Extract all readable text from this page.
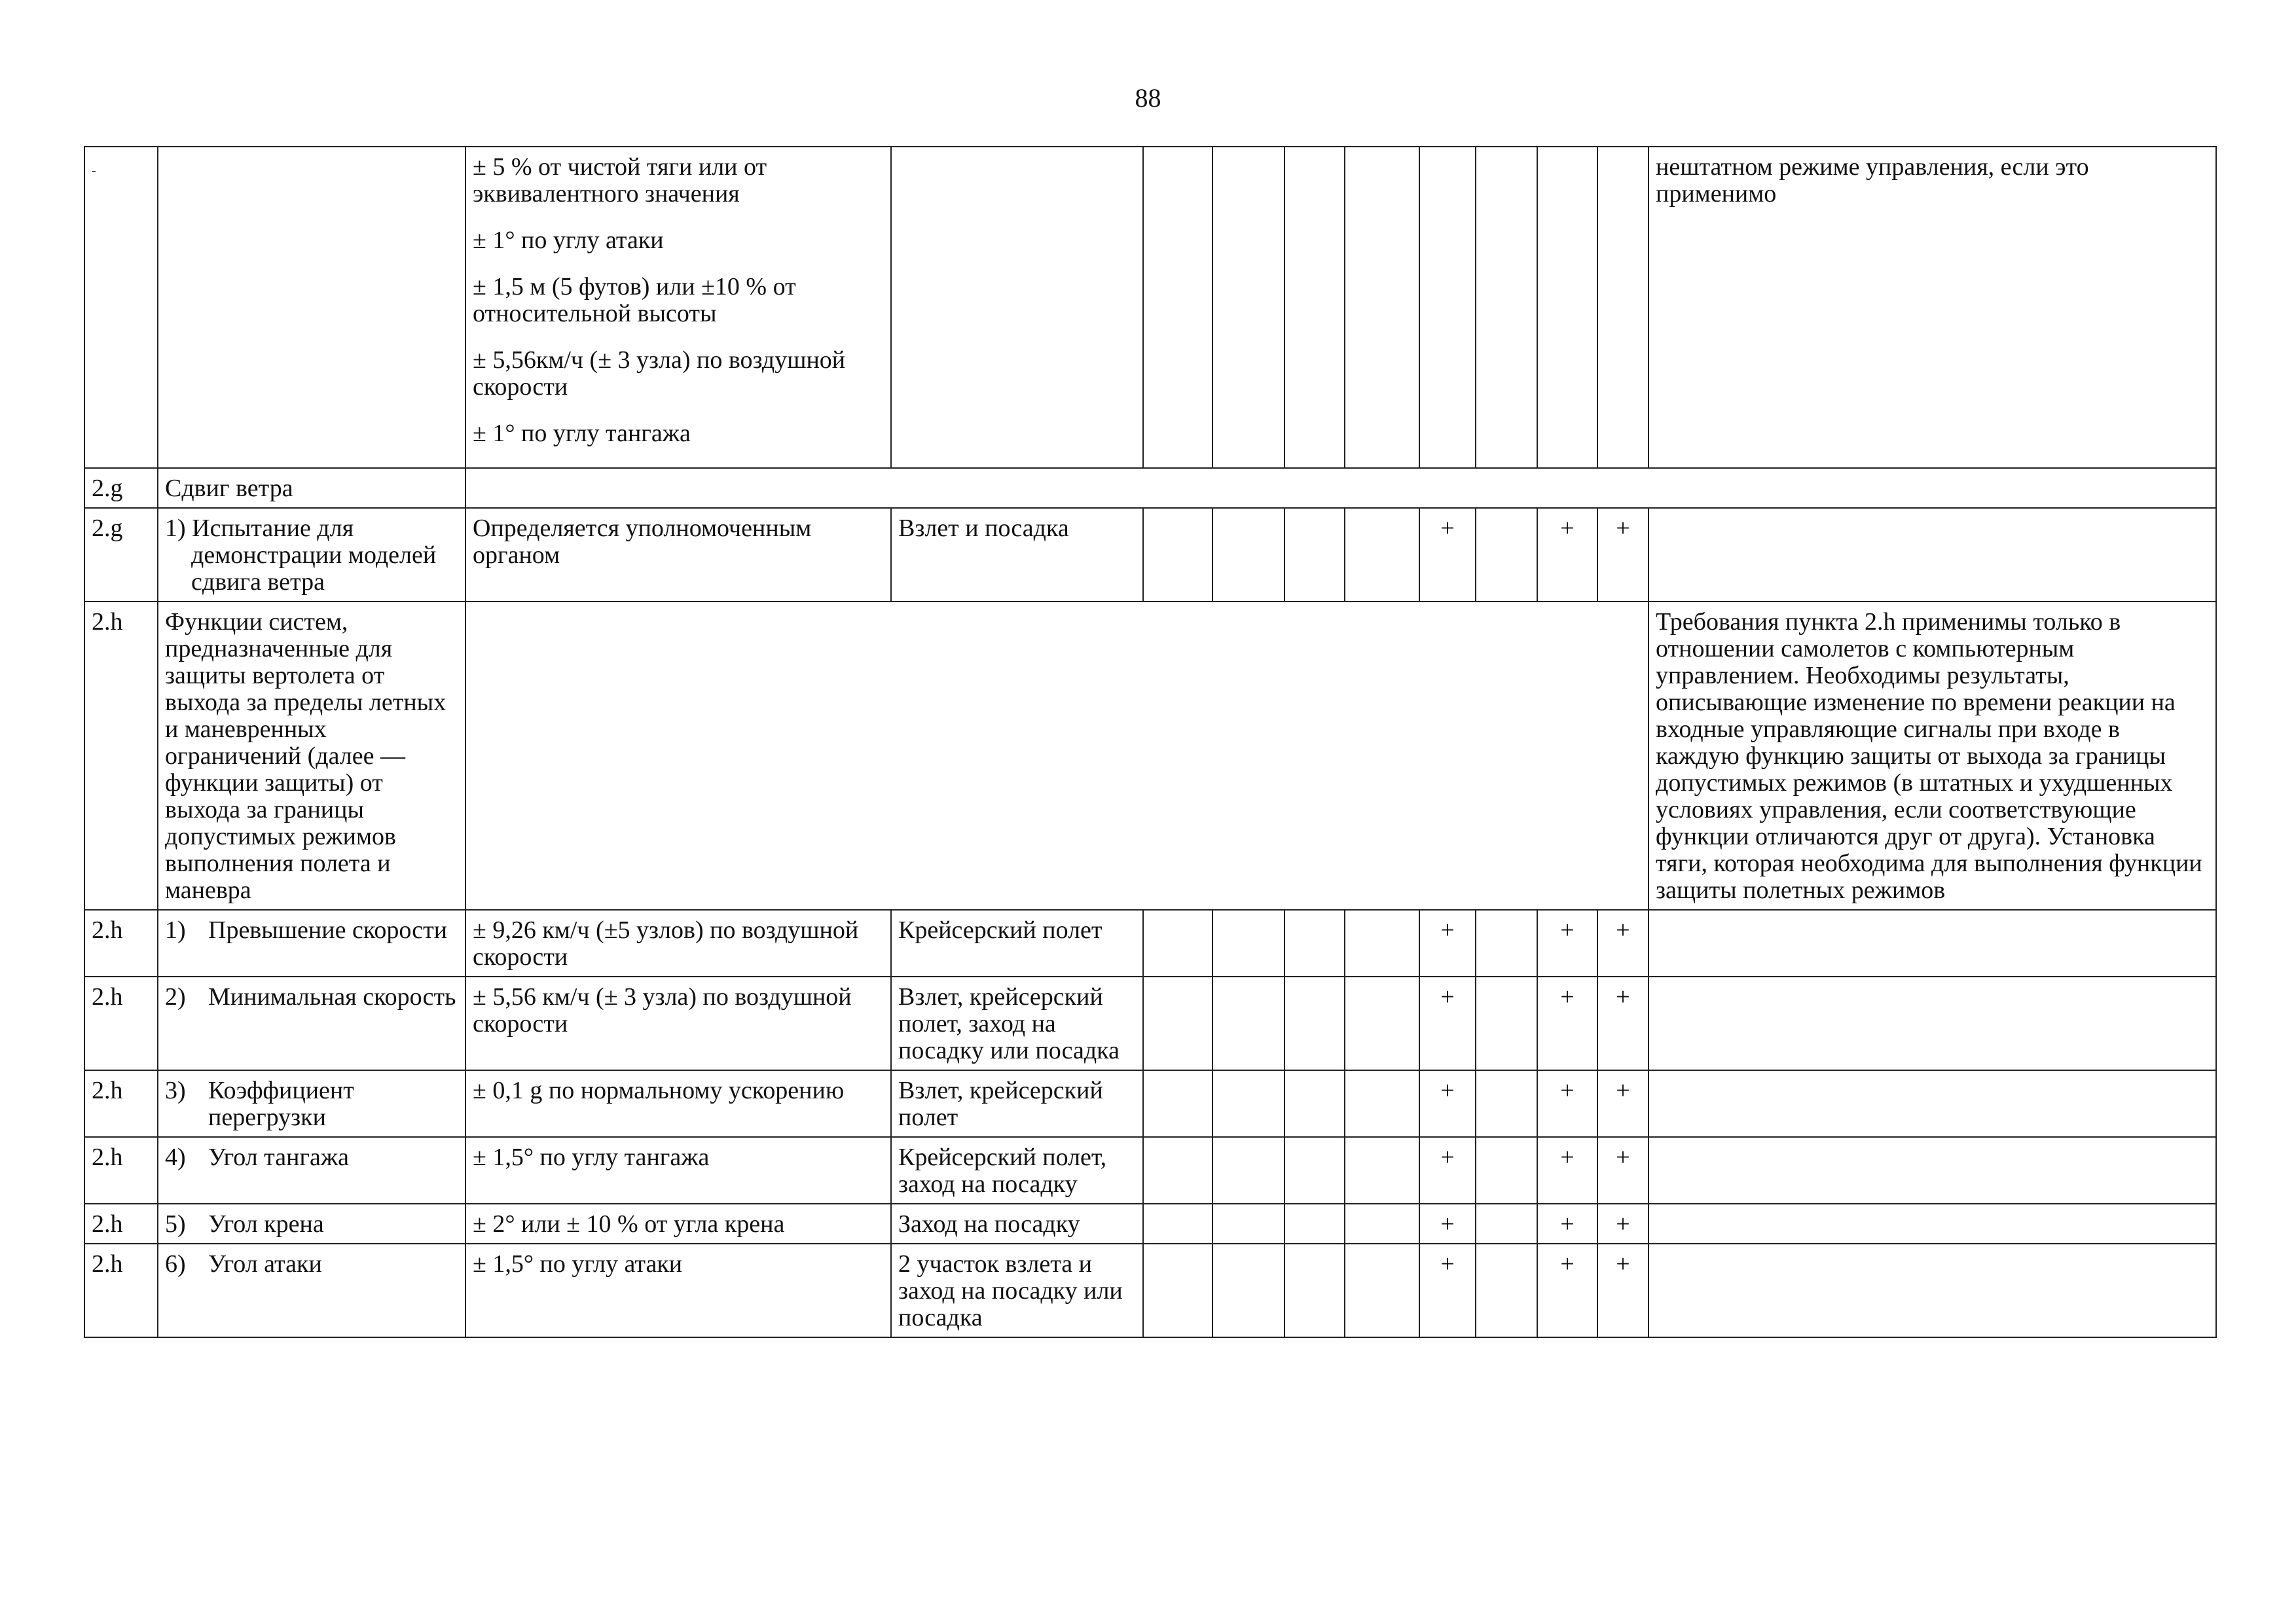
88
-		± 5 % от чистой тяги или от эквивалентного значения
± 1° по углу атаки
± 1,5 м (5 футов) или ±10 % от относительной высоты
± 5,56км/ч (± 3 узла) по воздушной скорости
± 1° по углу тангажа										нештатном режиме управления, если это применимо
2.g	Сдвиг ветра											
2.g	1) Испытание для демонстрации моделей сдвига ветра	Определяется уполномоченным органом	Взлет и посадка					+		+	+	
2.h	Функции систем, предназначенные для защиты вертолета от выхода за пределы летных и маневренных ограничений (далее — функции защиты) от выхода за границы допустимых режимов выполнения полета и маневра											Требования пункта 2.h применимы только в отношении самолетов с компьютерным управлением. Необходимы результаты, описывающие изменение по времени реакции на входные управляющие сигналы при входе в каждую функцию защиты от выхода за границы допустимых режимов (в штатных и ухудшенных условиях управления, если соответствующие функции отличаются друг от друга). Установка тяги, которая необходима для выполнения функции защиты полетных режимов
2.h	1) Превышение скорости	± 9,26 км/ч (±5 узлов) по воздушной скорости	Крейсерский полет					+		+	+	
2.h	2) Минимальная скорость	± 5,56 км/ч (± 3 узла) по воздушной скорости	Взлет, крейсерский полет, заход на посадку или посадка					+		+	+	
2.h	3) Коэффициент перегрузки	± 0,1 g по нормальному ускорению	Взлет, крейсерский полет					+		+	+	
2.h	4) Угол тангажа	± 1,5° по углу тангажа	Крейсерский полет, заход на посадку					+		+	+	
2.h	5) Угол крена	± 2° или ± 10 % от угла крена	Заход на посадку					+		+	+	
2.h	6) Угол атаки	± 1,5° по углу атаки	2 участок взлета и заход на посадку или посадка					+		+	+	
